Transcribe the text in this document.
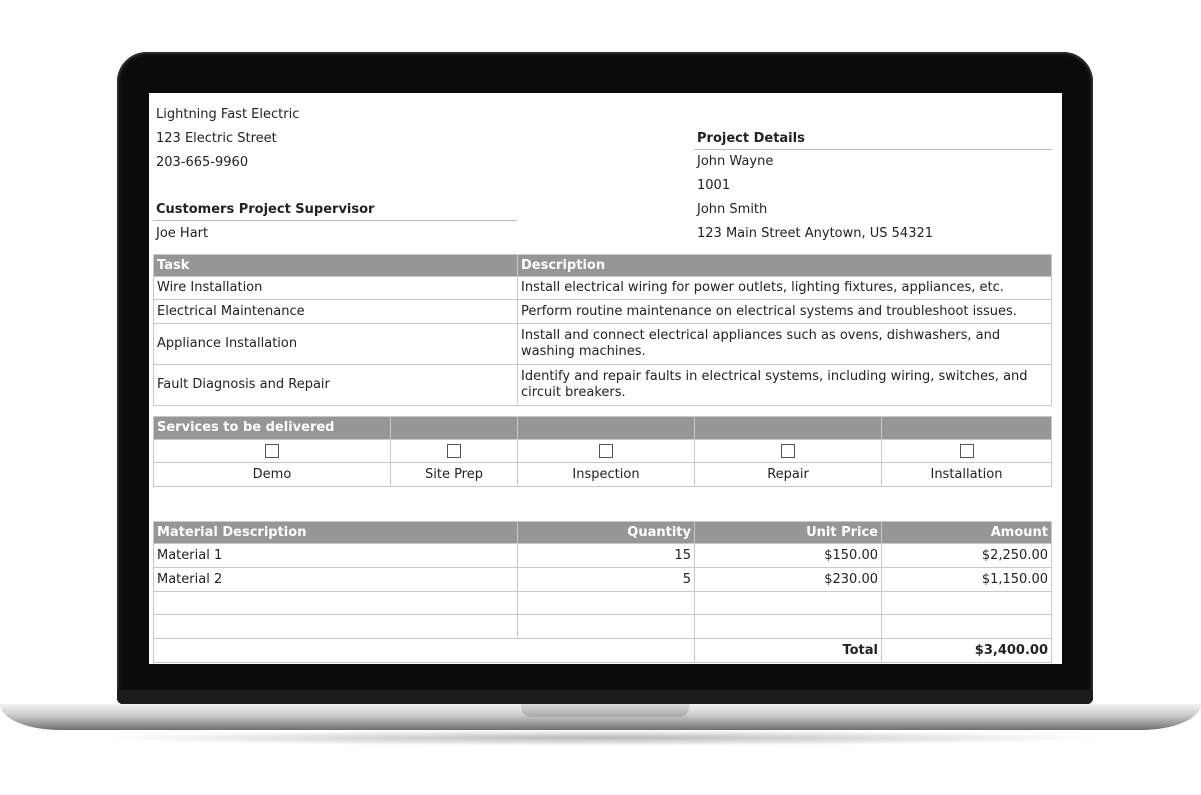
Lightning Fast Electric
123 Electric Street
203-665-9960
Customers Project Supervisor
Joe Hart
Project Details
John Wayne
1001
John Smith
123 Main Street Anytown, US 54321
Task	Description
Wire Installation	Install electrical wiring for power outlets, lighting fixtures, appliances, etc.
Electrical Maintenance	Perform routine maintenance on electrical systems and troubleshoot issues.
Appliance Installation	Install and connect electrical appliances such as ovens, dishwashers, and washing machines.
Fault Diagnosis and Repair	Identify and repair faults in electrical systems, including wiring, switches, and circuit breakers.
Services to be delivered				

Demo	Site Prep	Inspection	Repair	Installation
Material Description	Quantity	Unit Price	Amount
Material 1	15	$150.00	$2,250.00
Material 2	5	$230.00	$1,150.00

		Total	$3,400.00
